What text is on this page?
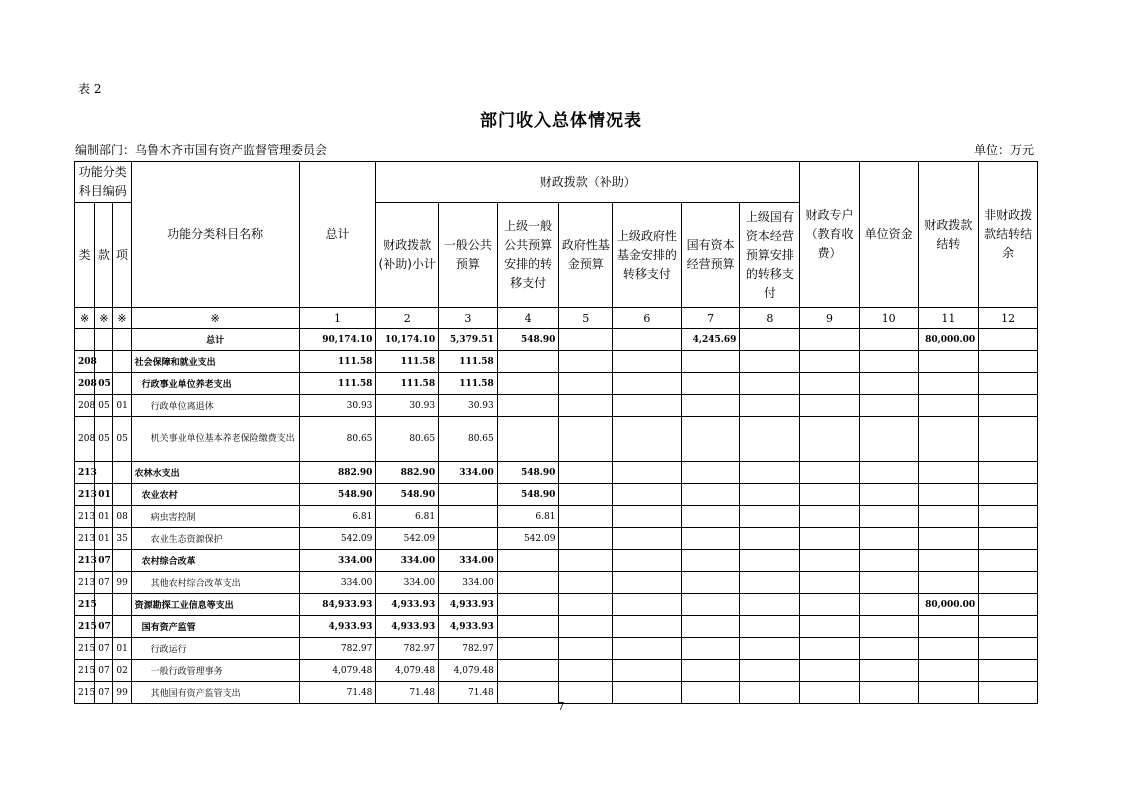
表 2
部门收入总体情况表
编制部门：乌鲁木齐市国有资产监督管理委员会	单位：万元
功能分类科目编码			功能分类科目名称	总计	财政拨款（补助）							财政专户（教育收费）	单位资金	财政拨款结转	非财政拨款结转结余
类	款	项			财政拨款(补助)小计	一般公共预算	上级一般公共预算安排的转移支付	政府性基金预算	上级政府性基金安排的转移支付	国有资本经营预算	上级国有资本经营预算安排的转移支付				
※	※	※	※	1	2	3	4	5	6	7	8	9	10	11	12
			总计	90,174.10	10,174.10	5,379.51	548.90			4,245.69				80,000.00	
208			社会保障和就业支出	111.58	111.58	111.58									
208	05		行政事业单位养老支出	111.58	111.58	111.58									
208	05	01	行政单位离退休	30.93	30.93	30.93									
208	05	05	机关事业单位基本养老保险缴费支出	80.65	80.65	80.65									
213			农林水支出	882.90	882.90	334.00	548.90								
213	01		农业农村	548.90	548.90		548.90								
213	01	08	病虫害控制	6.81	6.81		6.81								
213	01	35	农业生态资源保护	542.09	542.09		542.09								
213	07		农村综合改革	334.00	334.00	334.00									
213	07	99	其他农村综合改革支出	334.00	334.00	334.00									
215			资源勘探工业信息等支出	84,933.93	4,933.93	4,933.93								80,000.00	
215	07		国有资产监管	4,933.93	4,933.93	4,933.93									
215	07	01	行政运行	782.97	782.97	782.97									
215	07	02	一般行政管理事务	4,079.48	4,079.48	4,079.48									
215	07	99	其他国有资产监管支出	71.48	71.48	71.48									
7
